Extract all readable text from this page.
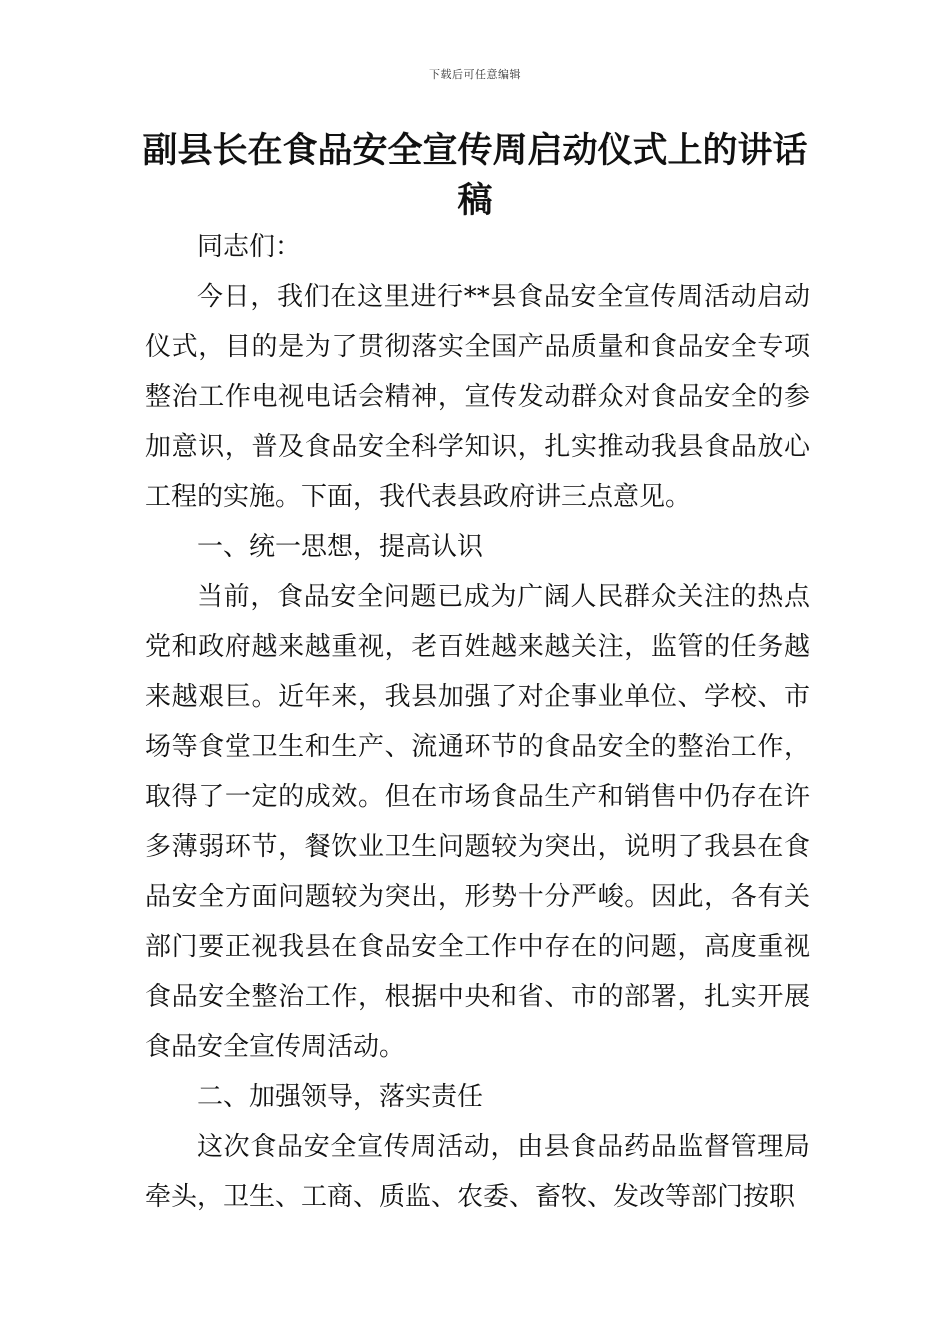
下载后可任意编辑
副县长在食品安全宣传周启动仪式上的讲话稿

同志们：

今日，我们在这里进行**县食品安全宣传周活动启动仪式，目的是为了贯彻落实全国产品质量和食品安全专项整治工作电视电话会精神，宣传发动群众对食品安全的参加意识，普及食品安全科学知识，扎实推动我县食品放心工程的实施。下面，我代表县政府讲三点意见。

一、统一思想，提高认识

当前，食品安全问题已成为广阔人民群众关注的热点党和政府越来越重视，老百姓越来越关注，监管的任务越来越艰巨。近年来，我县加强了对企事业单位、学校、市场等食堂卫生和生产、流通环节的食品安全的整治工作，取得了一定的成效。但在市场食品生产和销售中仍存在许多薄弱环节，餐饮业卫生问题较为突出，说明了我县在食品安全方面问题较为突出，形势十分严峻。因此，各有关部门要正视我县在食品安全工作中存在的问题，高度重视食品安全整治工作，根据中央和省、市的部署，扎实开展食品安全宣传周活动。

二、加强领导，落实责任

这次食品安全宣传周活动，由县食品药品监督管理局牵头，卫生、工商、质监、农委、畜牧、发改等部门按职
